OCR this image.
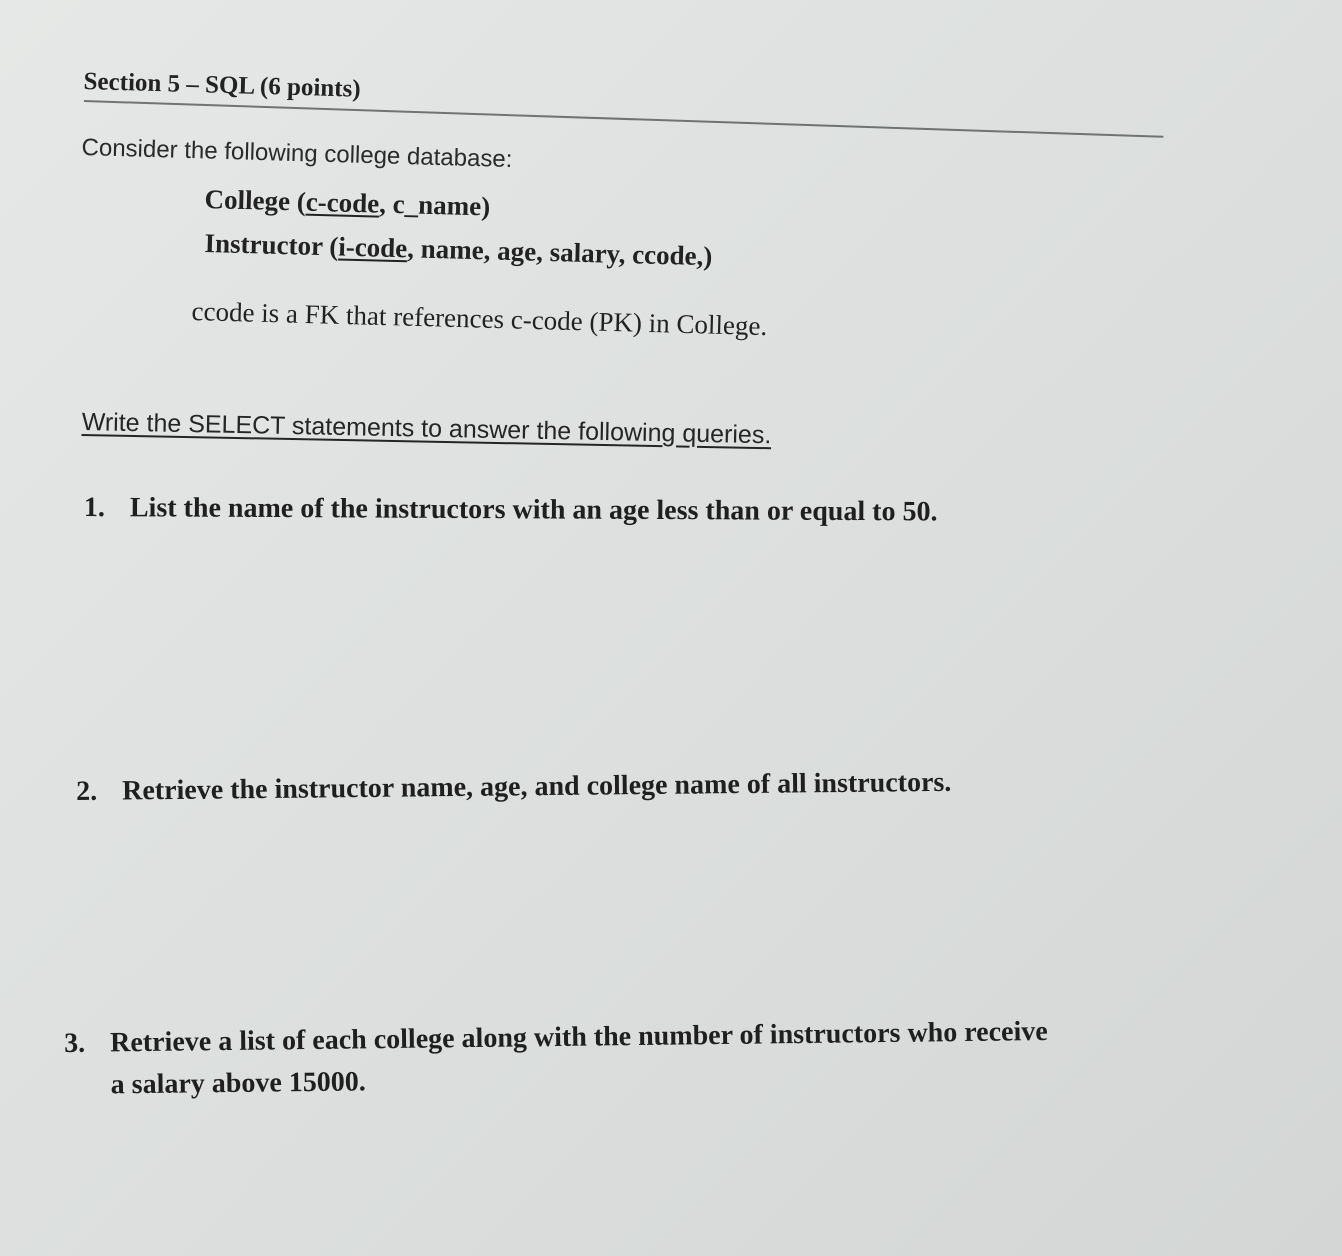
Section 5 – SQL (6 points)
Consider the following college database:
College (c-code, c_name)
Instructor (i-code, name, age, salary, ccode,)
ccode is a FK that references c-code (PK) in College.
Write the SELECT statements to answer the following queries.
1. List the name of the instructors with an age less than or equal to 50.
2. Retrieve the instructor name, age, and college name of all instructors.
3. Retrieve a list of each college along with the number of instructors who receive
a salary above 15000.
